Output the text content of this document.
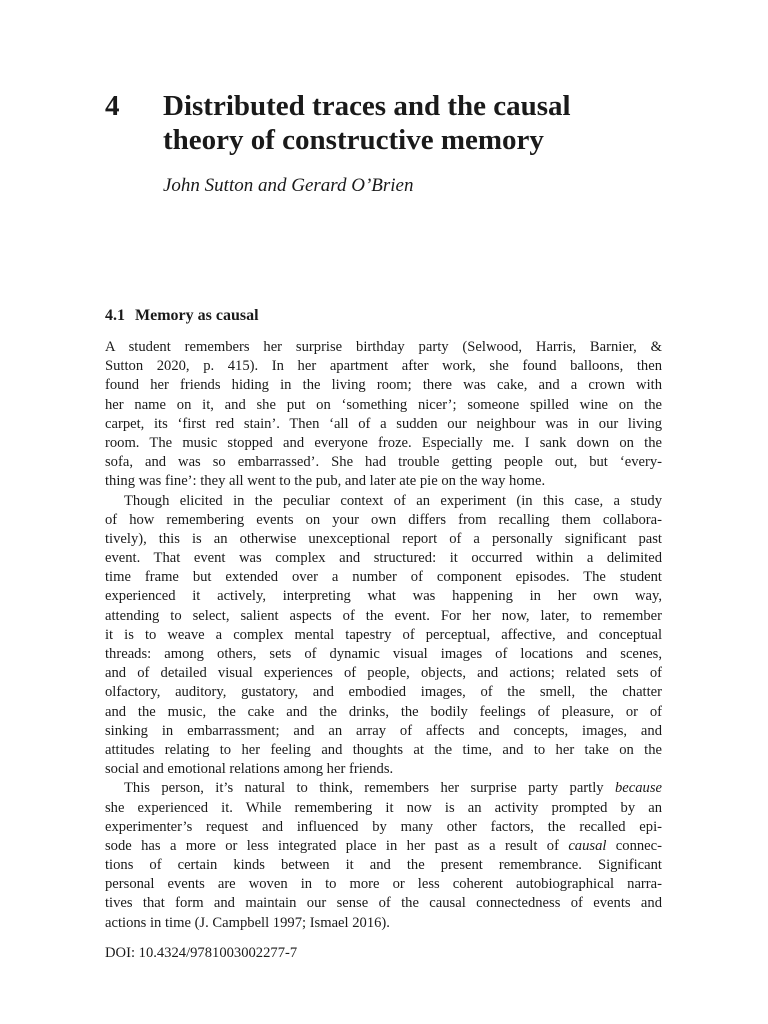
4 Distributed traces and the causal
theory of constructive memory
John Sutton and Gerard O’Brien
4.1 Memory as causal
A student remembers her surprise birthday party (Selwood, Harris, Barnier, &
Sutton 2020, p. 415). In her apartment after work, she found balloons, then
found her friends hiding in the living room; there was cake, and a crown with
her name on it, and she put on ‘something nicer’; someone spilled wine on the
carpet, its ‘first red stain’. Then ‘all of a sudden our neighbour was in our living
room. The music stopped and everyone froze. Especially me. I sank down on the
sofa, and was so embarrassed’. She had trouble getting people out, but ‘every-
thing was fine’: they all went to the pub, and later ate pie on the way home.
Though elicited in the peculiar context of an experiment (in this case, a study
of how remembering events on your own differs from recalling them collabora-
tively), this is an otherwise unexceptional report of a personally significant past
event. That event was complex and structured: it occurred within a delimited
time frame but extended over a number of component episodes. The student
experienced it actively, interpreting what was happening in her own way,
attending to select, salient aspects of the event. For her now, later, to remember
it is to weave a complex mental tapestry of perceptual, affective, and conceptual
threads: among others, sets of dynamic visual images of locations and scenes,
and of detailed visual experiences of people, objects, and actions; related sets of
olfactory, auditory, gustatory, and embodied images, of the smell, the chatter
and the music, the cake and the drinks, the bodily feelings of pleasure, or of
sinking in embarrassment; and an array of affects and concepts, images, and
attitudes relating to her feeling and thoughts at the time, and to her take on the
social and emotional relations among her friends.
This person, it’s natural to think, remembers her surprise party partly because
she experienced it. While remembering it now is an activity prompted by an
experimenter’s request and influenced by many other factors, the recalled epi-
sode has a more or less integrated place in her past as a result of causal connec-
tions of certain kinds between it and the present remembrance. Significant
personal events are woven in to more or less coherent autobiographical narra-
tives that form and maintain our sense of the causal connectedness of events and
actions in time (J. Campbell 1997; Ismael 2016).
DOI: 10.4324/9781003002277-7
